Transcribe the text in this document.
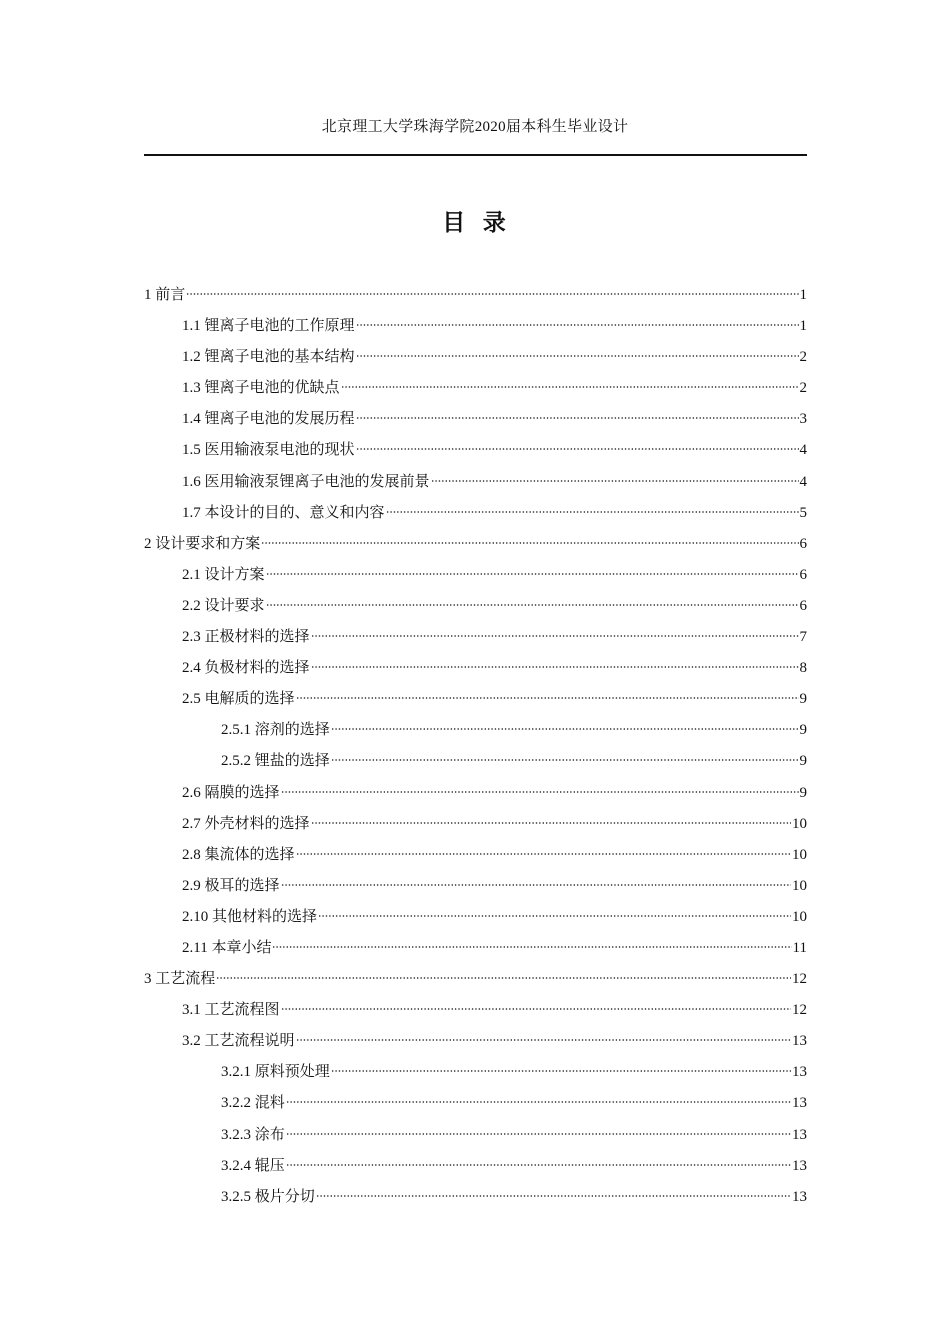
北京理工大学珠海学院2020届本科生毕业设计
目  录
1 前言	1
1.1 锂离子电池的工作原理	1
1.2 锂离子电池的基本结构	2
1.3 锂离子电池的优缺点	2
1.4 锂离子电池的发展历程	3
1.5 医用输液泵电池的现状	4
1.6 医用输液泵锂离子电池的发展前景	4
1.7 本设计的目的、意义和内容	5
2 设计要求和方案	6
2.1 设计方案	6
2.2 设计要求	6
2.3 正极材料的选择	7
2.4 负极材料的选择	8
2.5 电解质的选择	9
2.5.1 溶剂的选择	9
2.5.2 锂盐的选择	9
2.6 隔膜的选择	9
2.7 外壳材料的选择	10
2.8 集流体的选择	10
2.9 极耳的选择	10
2.10 其他材料的选择	10
2.11 本章小结	11
3 工艺流程	12
3.1 工艺流程图	12
3.2 工艺流程说明	13
3.2.1 原料预处理	13
3.2.2 混料	13
3.2.3 涂布	13
3.2.4 辊压	13
3.2.5 极片分切	13
